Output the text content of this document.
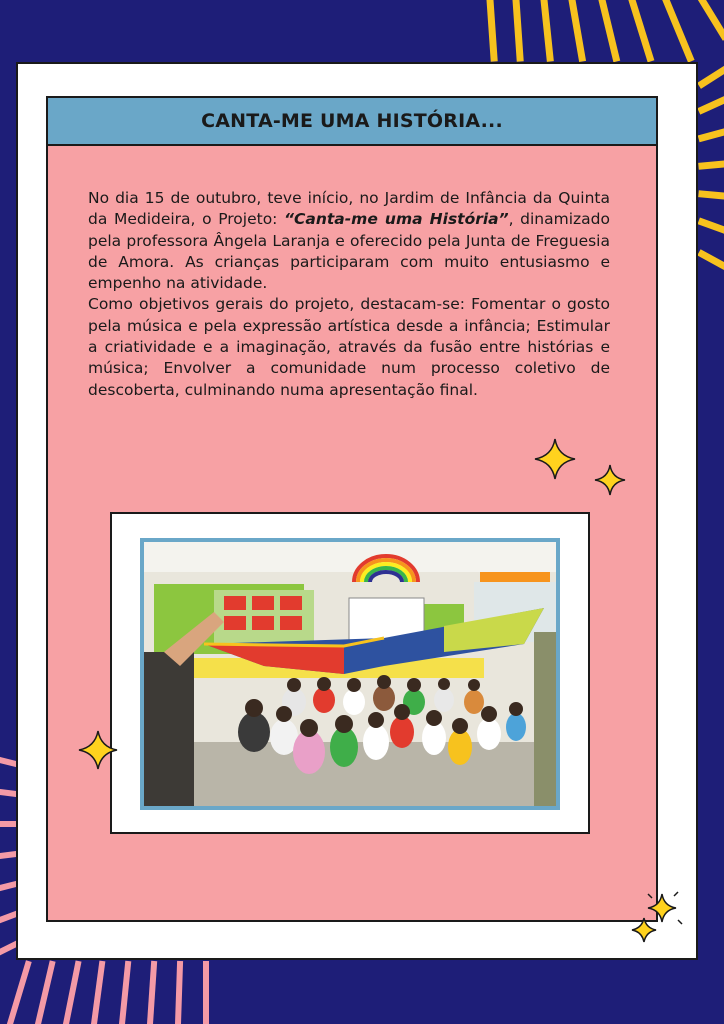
CANTA-ME UMA HISTÓRIA...

No dia 15 de outubro, teve início, no Jardim de Infância da Quinta da Medideira, o Projeto: “Canta-me uma História”, dinamizado pela professora Ângela Laranja e oferecido pela Junta de Freguesia de Amora. As crianças participaram com muito entusiasmo e empenho na atividade.

Como objetivos gerais do projeto, destacam-se: Fomentar o gosto pela música e pela expressão artística desde a infância; Estimular a criatividade e a imaginação, através da fusão entre histórias e música; Envolver a comunidade num processo coletivo de descoberta, culminando numa apresentação final.
